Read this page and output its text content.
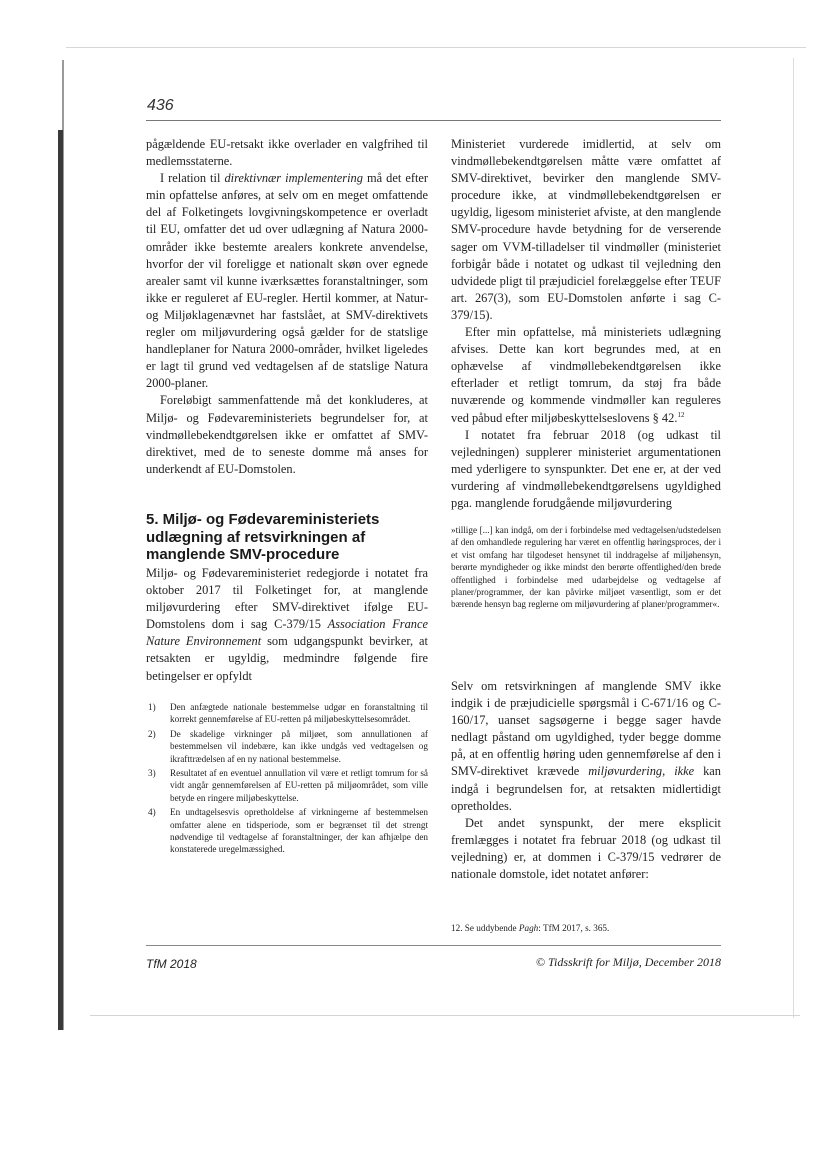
436

pågældende EU-retsakt ikke overlader en valgfrihed til medlemsstaterne.

I relation til direktivnær implementering må det efter min opfattelse anføres, at selv om en meget omfattende del af Folketingets lovgivningskompetence er overladt til EU, omfatter det ud over udlægning af Natura 2000-områder ikke bestemte arealers konkrete anvendelse, hvorfor der vil foreligge et nationalt skøn over egnede arealer samt vil kunne iværksættes foranstaltninger, som ikke er reguleret af EU-regler. Hertil kommer, at Natur- og Miljøklagenævnet har fastslået, at SMV-direktivets regler om miljøvurdering også gælder for de statslige handleplaner for Natura 2000-områder, hvilket ligeledes er lagt til grund ved vedtagelsen af de statslige Natura 2000-planer.

Foreløbigt sammenfattende må det konkluderes, at Miljø- og Fødevareministeriets begrundelser for, at vindmøllebekendtgørelsen ikke er omfattet af SMV-direktivet, med de to seneste domme må anses for underkendt af EU-Domstolen.

5. Miljø- og Fødevareministeriets udlægning af retsvirkningen af manglende SMV-procedure

Miljø- og Fødevareministeriet redegjorde i notatet fra oktober 2017 til Folketinget for, at manglende miljøvurdering efter SMV-direktivet ifølge EU-Domstolens dom i sag C-379/15 Association France Nature Environnement som udgangspunkt bevirker, at retsakten er ugyldig, medmindre følgende fire betingelser er opfyldt

1) Den anfægtede nationale bestemmelse udgør en foranstaltning til korrekt gennemførelse af EU-retten på miljøbeskyttelsesområdet.
2) De skadelige virkninger på miljøet, som annullationen af bestemmelsen vil indebære, kan ikke undgås ved vedtagelsen og ikrafttrædelsen af en ny national bestemmelse.
3) Resultatet af en eventuel annullation vil være et retligt tomrum for så vidt angår gennemførelsen af EU-retten på miljøområdet, som ville betyde en ringere miljøbeskyttelse.
4) En undtagelsesvis opretholdelse af virkningerne af bestemmelsen omfatter alene en tidsperiode, som er begrænset til det strengt nødvendige til vedtagelse af foranstaltninger, der kan afhjælpe den konstaterede uregelmæssighed.

Ministeriet vurderede imidlertid, at selv om vindmøllebekendtgørelsen måtte være omfattet af SMV-direktivet, bevirker den manglende SMV-procedure ikke, at vindmøllebekendtgørelsen er ugyldig, ligesom ministeriet afviste, at den manglende SMV-procedure havde betydning for de verserende sager om VVM-tilladelser til vindmøller (ministeriet forbigår både i notatet og udkast til vejledning den udvidede pligt til præjudiciel forelæggelse efter TEUF art. 267(3), som EU-Domstolen anførte i sag C-379/15).

Efter min opfattelse, må ministeriets udlægning afvises. Dette kan kort begrundes med, at en ophævelse af vindmøllebekendtgørelsen ikke efterlader et retligt tomrum, da støj fra både nuværende og kommende vindmøller kan reguleres ved påbud efter miljøbeskyttelseslovens § 42.12

I notatet fra februar 2018 (og udkast til vejledningen) supplerer ministeriet argumentationen med yderligere to synspunkter. Det ene er, at der ved vurdering af vindmøllebekendtgørelsens ugyldighed pga. manglende forudgående miljøvurdering

»tillige [...] kan indgå, om der i forbindelse med vedtagelsen/udstedelsen af den omhandlede regulering har været en offentlig høringsproces, der i et vist omfang har tilgodeset hensynet til inddragelse af miljøhensyn, berørte myndigheder og ikke mindst den berørte offentlighed/den brede offentlighed i forbindelse med udarbejdelse og vedtagelse af planer/programmer, der kan påvirke miljøet væsentligt, som er det bærende hensyn bag reglerne om miljøvurdering af planer/programmer«.

Selv om retsvirkningen af manglende SMV ikke indgik i de præjudicielle spørgsmål i C-671/16 og C-160/17, uanset sagsøgerne i begge sager havde nedlagt påstand om ugyldighed, tyder begge domme på, at en offentlig høring uden gennemførelse af den i SMV-direktivet krævede miljøvurdering, ikke kan indgå i begrundelsen for, at retsakten midlertidigt opretholdes.

Det andet synspunkt, der mere eksplicit fremlægges i notatet fra februar 2018 (og udkast til vejledning) er, at dommen i C-379/15 vedrører de nationale domstole, idet notatet anfører:

12. Se uddybende Pagh: TfM 2017, s. 365.
TfM 2018	© Tidsskrift for Miljø, December 2018
